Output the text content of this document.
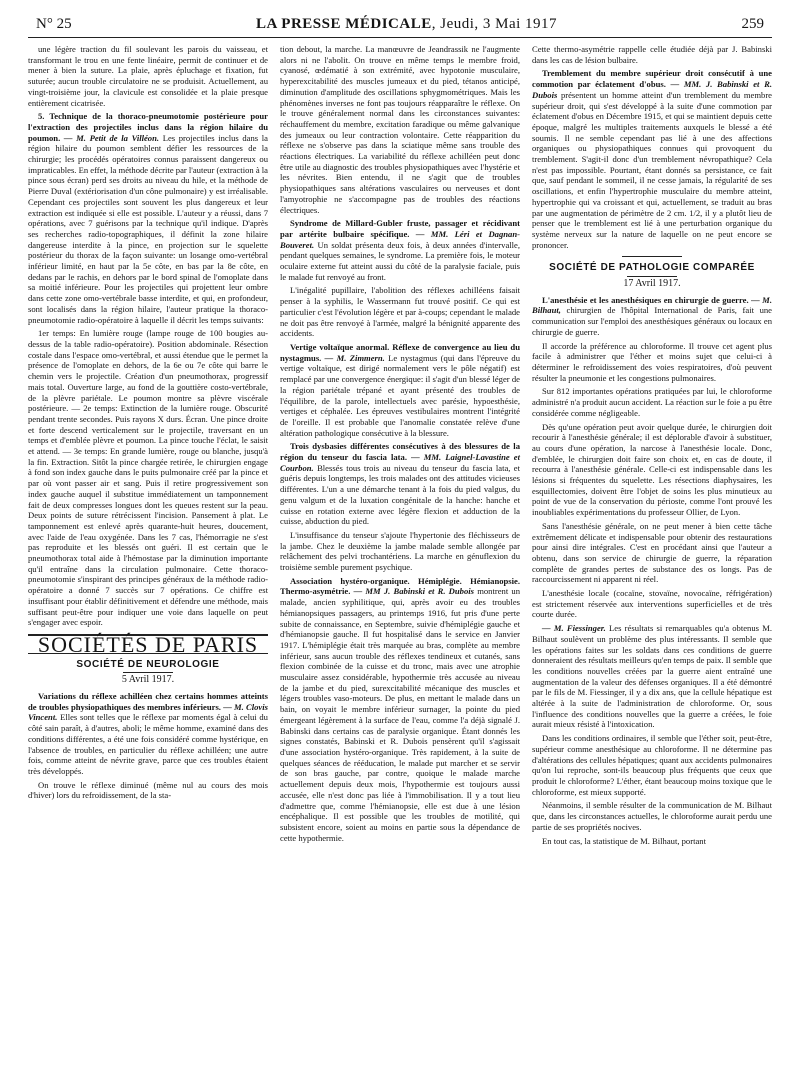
N° 25	LA PRESSE MÉDICALE, Jeudi, 3 Mai 1917	259

une légère traction du fil soulevant les parois du vaisseau, et transformant le trou en une fente linéaire, permit de continuer et de mener à bien la suture. La plaie, après épluchage et fixation, fut suturée; aucun trouble circulatoire ne se produisit. Actuellement, au vingt-troisième jour, la clavicule est consolidée et la plaie presque entièrement cicatrisée.

5. Technique de la thoraco-pneumotomie postérieure pour l'extraction des projectiles inclus dans la région hilaire du poumon. — M. Petit de la Villéon. Les projectiles inclus dans la région hilaire du poumon semblent défier les ressources de la chirurgie; les procédés opératoires connus paraissent dangereux ou impraticables. En effet, la méthode décrite par l'auteur (extraction à la pince sous écran) perd ses droits au niveau du hile, et la méthode de Pierre Duval (extériorisation d'un cône pulmonaire) y est irréalisable. Cependant ces projectiles sont souvent les plus dangereux et leur extraction est indiquée si elle est possible. L'auteur y a réussi, dans 7 opérations, avec 7 guérisons par la technique qu'il indique. D'après ses recherches radio-topographiques, il définit la zone hilaire dangereuse interdite à la pince, en projection sur le squelette postérieur du thorax de la façon suivante: un losange omo-vertébral inférieur limité, en haut par la 5e côte, en bas par la 8e côte, en dedans par le rachis, en dehors par le bord spinal de l'omoplate dans sa moitié inférieure. Pour les projectiles qui projettent leur ombre dans cette zone omo-vertébrale basse interdite, et qui, en profondeur, sont localisés dans la région hilaire, l'auteur pratique la thoraco-pneumotomie radio-opératoire à laquelle il décrit les temps suivants:

1er temps: En lumière rouge (lampe rouge de 100 bougies au-dessus de la table radio-opératoire). Position abdominale. Résection costale dans l'espace omo-vertébral, et aussi étendue que le permet la présence de l'omoplate en dehors, de la 6e ou 7e côte qui barre le chemin vers le projectile. Création d'un pneumothorax, progressif mais total. Ouverture large, au fond de la gouttière costo-vertébrale, de la plèvre pariétale. Le poumon montre sa plèvre viscérale postérieure. — 2e temps: Extinction de la lumière rouge. Obscurité pendant trente secondes. Puis rayons X durs. Écran. Une pince droite et forte descend verticalement sur le projectile, traversant en un temps et d'emblée plèvre et poumon. La pince touche l'éclat, le saisit et attend. — 3e temps: En grande lumière, rouge ou blanche, jusqu'à la fin. Extraction. Sitôt la pince chargée retirée, le chirurgien engage à fond son index gauche dans le puits pulmonaire créé par la pince et par où vont passer air et sang. Puis il retire progressivement son index gauche auquel il substitue immédiatement un tamponnement fait de deux compresses longues dont les queues restent sur la peau. Deux points de suture rétrécissent l'incision. Pansement à plat. Le tamponnement est enlevé après quarante-huit heures, doucement, avec l'aide de l'eau oxygénée. Dans les 7 cas, l'hémorragie ne s'est pas reproduite et les blessés ont guéri. Il est certain que le pneumothorax total aide à l'hémostase par la diminution importante qu'il entraîne dans la circulation pulmonaire. Cette thoraco-pneumotomie s'inspirant des principes généraux de la méthode radio-opératoire a donné 7 succès sur 7 opérations. Ce chiffre est insuffisant pour établir définitivement et défendre une méthode, mais suffisant peut-être pour indiquer une voie dans laquelle on peut s'engager avec espoir.

SOCIÉTÉS DE PARIS
SOCIÉTÉ DE NEUROLOGIE
5 Avril 1917.

Variations du réflexe achilléen chez certains hommes atteints de troubles physiopathiques des membres inférieurs. — M. Clovis Vincent. Elles sont telles que le réflexe par moments égal à celui du côté sain paraît, à d'autres, aboli; le même homme, examiné dans des conditions différentes, a été une fois considéré comme hystérique, en l'absence de troubles, en particulier du réflexe achilléen; une autre fois, comme atteint de névrite grave, parce que ces troubles étaient très développés.

On trouve le réflexe diminué (même nul au cours des mois d'hiver) lors du refroidissement, de la sta-

tion debout, la marche. La manœuvre de Jeandrassik ne l'augmente alors ni ne l'abolit. On trouve en même temps le membre froid, cyanosé, œdématié à son extrémité, avec hypotonie musculaire, hyperexcitabilité des muscles jumeaux et du pied, tétanos anticipé, diminution d'amplitude des oscillations sphygmométriques. Mais les phénomènes inverses ne font pas toujours réapparaître le réflexe. On le trouve généralement normal dans les circonstances suivantes: réchauffement du membre, excitation faradique ou même galvanique des jumeaux ou leur contraction volontaire. Cette réapparition du réflexe ne s'observe pas dans la sciatique même sans trouble des réactions électriques. La variabilité du réflexe achilléen peut donc être utile au diagnostic des troubles physiopathiques avec l'hystérie et les névrites. Bien entendu, il ne s'agit que de troubles physiopathiques sans altérations vasculaires ou nerveuses et dont l'amyotrophie ne s'accompagne pas de troubles des réactions électriques.

Syndrome de Millard-Gubler fruste, passager et récidivant par artérite bulbaire spécifique. — MM. Léri et Dagnan-Bouveret. Un soldat présenta deux fois, à deux années d'intervalle, pendant quelques semaines, le syndrome. La première fois, le moteur oculaire externe fut atteint aussi du côté de la paralysie faciale, puis le malade fut renvoyé au front.

L'inégalité pupillaire, l'abolition des réflexes achilléens faisait penser à la syphilis, le Wassermann fut trouvé positif. Ce qui est particulier c'est l'évolution légère et par à-coups; cependant le malade ne doit pas être renvoyé à l'armée, malgré la bénignité apparente des accidents.

Vertige voltaïque anormal. Réflexe de convergence au lieu du nystagmus. — M. Zimmern. Le nystagmus (qui dans l'épreuve du vertige voltaïque, est dirigé normalement vers le pôle négatif) est remplacé par une convergence énergique: il s'agit d'un blessé léger de la région pariétale trépané et ayant présenté des troubles de l'équilibre, de la parole, intellectuels avec parésie, hypoesthésie, vertiges et céphalée. Les épreuves vestibulaires montrent l'intégrité de l'oreille. Il est probable que l'anomalie constatée relève d'une altération pathologique consécutive à la blessure.

Trois dysbasies différentes consécutives à des blessures de la région du tenseur du fascia lata. — MM. Laignel-Lavastine et Courbon. Blessés tous trois au niveau du tenseur du fascia lata, et guéris depuis longtemps, les trois malades ont des attitudes vicieuses différentes. L'un a une démarche tenant à la fois du pied valgus, du genu valgum et de la luxation congénitale de la hanche: hanche et cuisse en rotation externe avec légère flexion et adduction de la cuisse, abduction du pied.

L'insuffisance du tenseur s'ajoute l'hypertonie des fléchisseurs de la jambe. Chez le deuxième la jambe malade semble allongée par relâchement des pelvi trochantériens. La marche en génuflexion du troisième semble purement psychique.

Association hystéro-organique. Hémiplégie. Hémianopsie. Thermo-asymétrie. — MM J. Babinski et R. Dubois montrent un malade, ancien syphilitique, qui, après avoir eu des troubles hémianopsiques passagers, au printemps 1916, fut pris d'une perte subite de connaissance, en Septembre, suivie d'hémiplégie gauche et d'hémianopsie gauche. Il fut hospitalisé dans le service en Janvier 1917. L'hémiplégie était très marquée au bras, complète au membre inférieur, sans aucun trouble des réflexes tendineux et cutanés, sans flexion combinée de la cuisse et du tronc, mais avec une atrophie musculaire assez considérable, hypothermie très accusée au niveau de la jambe et du pied, surexcitabilité mécanique des muscles et légers troubles vaso-moteurs. De plus, en mettant le malade dans un bain, on voyait le membre inférieur surnager, la pointe du pied émergeant légèrement à la surface de l'eau, comme l'a déjà signalé J. Babinski dans certains cas de paralysie organique. Étant donnés les signes constatés, Babinski et R. Dubois pensèrent qu'il s'agissait d'une association hystéro-organique. Très rapidement, à la suite de quelques séances de rééducation, le malade put marcher et se servir de son bras gauche, par contre, quoique le malade marche actuellement depuis deux mois, l'hypothermie est toujours aussi accusée, elle n'est donc pas liée à l'immobilisation. Il y a tout lieu d'admettre que, comme l'hémianopsie, elle est due à une lésion encéphalique. Il est possible que les troubles de motilité, qui subsistent encore, soient au moins en partie sous la dépendance de cette hypothermie.

Cette thermo-asymétrie rappelle celle étudiée déjà par J. Babinski dans les cas de lésion bulbaire.

Tremblement du membre supérieur droit consécutif à une commotion par éclatement d'obus. — MM. J. Babinski et R. Dubois présentent un homme atteint d'un tremblement du membre supérieur droit, qui s'est développé à la suite d'une commotion par éclatement d'obus en Décembre 1915, et qui se maintient depuis cette époque, malgré les multiples traitements auxquels le blessé a été soumis. Il ne semble cependant pas lié à une des affections organiques ou physiopathiques connues qui provoquent du tremblement. S'agit-il donc d'un tremblement névropathique? Cela n'est pas impossible. Pourtant, étant donnés sa persistance, ce fait que, sauf pendant le sommeil, il ne cesse jamais, la régularité de ses oscillations, et enfin l'hypertrophie musculaire du membre atteint, hypertrophie qui va croissant et qui, actuellement, se traduit au bras par une augmentation de périmètre de 2 cm. 1/2, il y a plutôt lieu de penser que le tremblement est lié à une perturbation organique du système nerveux sur la nature de laquelle on ne peut encore se prononcer.

SOCIÉTÉ DE PATHOLOGIE COMPARÉE
17 Avril 1917.

L'anesthésie et les anesthésiques en chirurgie de guerre. — M. Bilhaut, chirurgien de l'hôpital International de Paris, fait une communication sur l'emploi des anesthésiques généraux ou locaux en chirurgie de guerre.

Il accorde la préférence au chloroforme. Il trouve cet agent plus facile à administrer que l'éther et moins sujet que celui-ci à déterminer le refroidissement des voies respiratoires, d'où peuvent résulter la pneumonie et les congestions pulmonaires.

Sur 812 importantes opérations pratiquées par lui, le chloroforme administré n'a produit aucun accident. La réaction sur le foie a pu être considérée comme négligeable.

Dès qu'une opération peut avoir quelque durée, le chirurgien doit recourir à l'anesthésie générale; il est déplorable d'avoir à substituer, au cours d'une opération, la narcose à l'anesthésie locale. Donc, d'emblée, le chirurgien doit faire son choix et, en cas de doute, il recourra à l'anesthésie générale. Celle-ci est indispensable dans les lésions si fréquentes du squelette. Les résections diaphysaires, les esquillectomies, doivent être l'objet de soins les plus minutieux au point de vue de la conservation du périoste, comme l'ont prouvé les inoubliables expérimentations du professeur Ollier, de Lyon.

Sans l'anesthésie générale, on ne peut mener à bien cette tâche extrêmement délicate et indispensable pour obtenir des restaurations pour ainsi dire intégrales. C'est en procédant ainsi que l'auteur a obtenu, dans son service de chirurgie de guerre, la réparation complète de grandes pertes de substance des os longs. Pas de raccourcissement ni apparent ni réel.

L'anesthésie locale (cocaïne, stovaïne, novocaïne, réfrigération) est strictement réservée aux interventions superficielles et de très courte durée.

— M. Fiessinger. Les résultats si remarquables qu'a obtenus M. Bilhaut soulèvent un problème des plus intéressants. Il semble que les opérations faites sur les soldats dans ces conditions de guerre donneraient des résultats meilleurs qu'en temps de paix. Il semble que les conditions nouvelles créées par la guerre aient entraîné une augmentation de la valeur des défenses organiques. Il a été démontré par le fils de M. Fiessinger, il y a dix ans, que la cellule hépatique est altérée à la suite de l'administration de chloroforme. Or, sous l'influence des conditions nouvelles que la guerre a créées, le foie aurait mieux résisté à l'intoxication.

Dans les conditions ordinaires, il semble que l'éther soit, peut-être, supérieur comme anesthésique au chloroforme. Il ne détermine pas d'altérations des cellules hépatiques; quant aux accidents pulmonaires qu'on lui reproche, sont-ils beaucoup plus fréquents que ceux que produit le chloroforme? L'éther, étant beaucoup moins toxique que le chloroforme, est mieux supporté.

Néanmoins, il semble résulter de la communication de M. Bilhaut que, dans les circonstances actuelles, le chloroforme aurait perdu une partie de ses propriétés nocives.

En tout cas, la statistique de M. Bilhaut, portant
